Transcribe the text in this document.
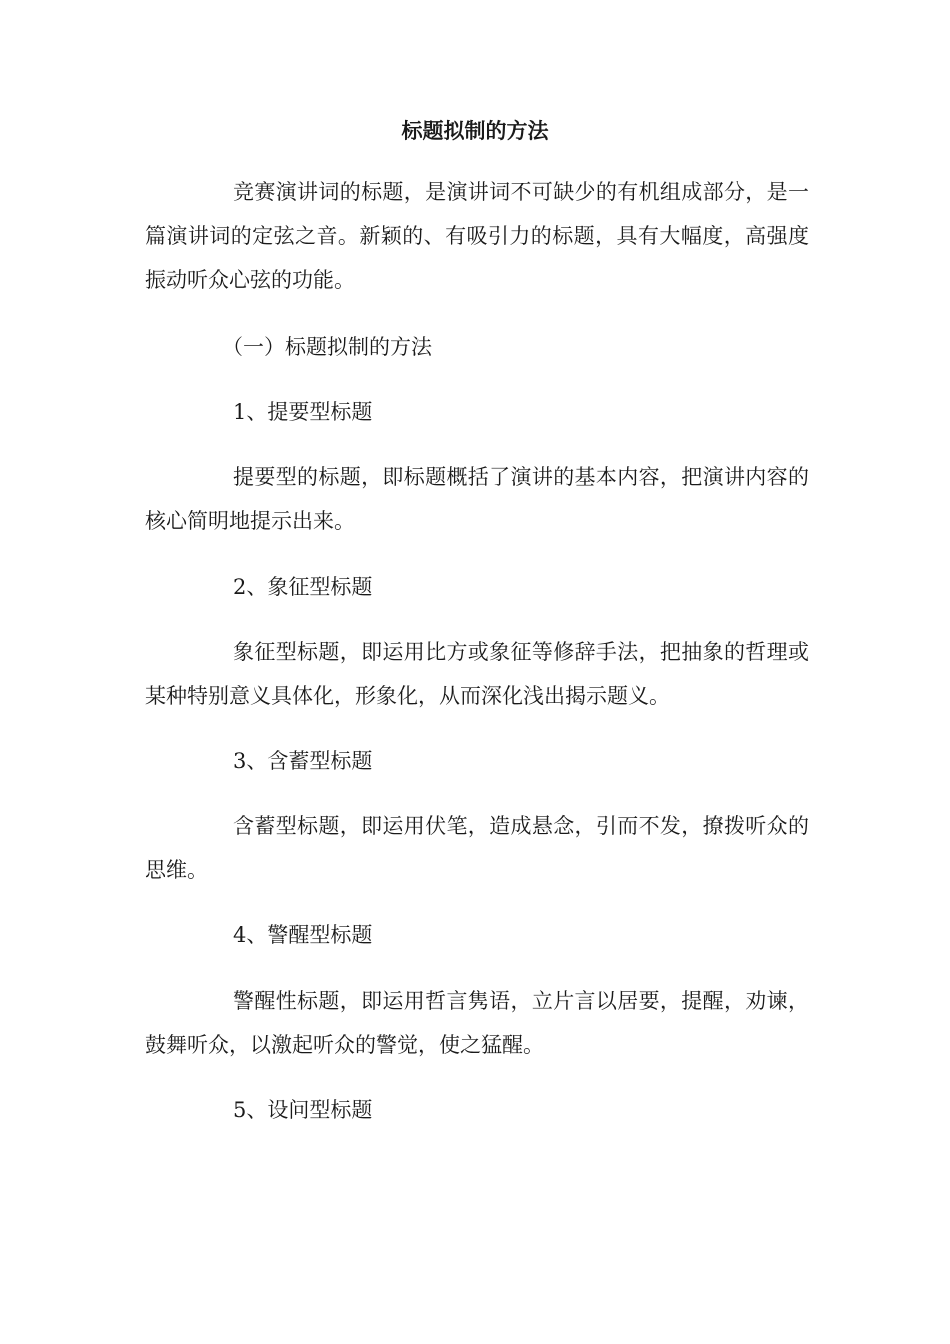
标题拟制的方法

竞赛演讲词的标题，是演讲词不可缺少的有机组成部分，是一篇演讲词的定弦之音。新颖的、有吸引力的标题，具有大幅度，高强度振动听众心弦的功能。

（一）标题拟制的方法

1、提要型标题

提要型的标题，即标题概括了演讲的基本内容，把演讲内容的核心简明地提示出来。

2、象征型标题

象征型标题，即运用比方或象征等修辞手法，把抽象的哲理或某种特别意义具体化，形象化，从而深化浅出揭示题义。

3、含蓄型标题

含蓄型标题，即运用伏笔，造成悬念，引而不发，撩拨听众的思维。

4、警醒型标题

警醒性标题，即运用哲言隽语，立片言以居要，提醒，劝谏，鼓舞听众，以激起听众的警觉，使之猛醒。

5、设问型标题
